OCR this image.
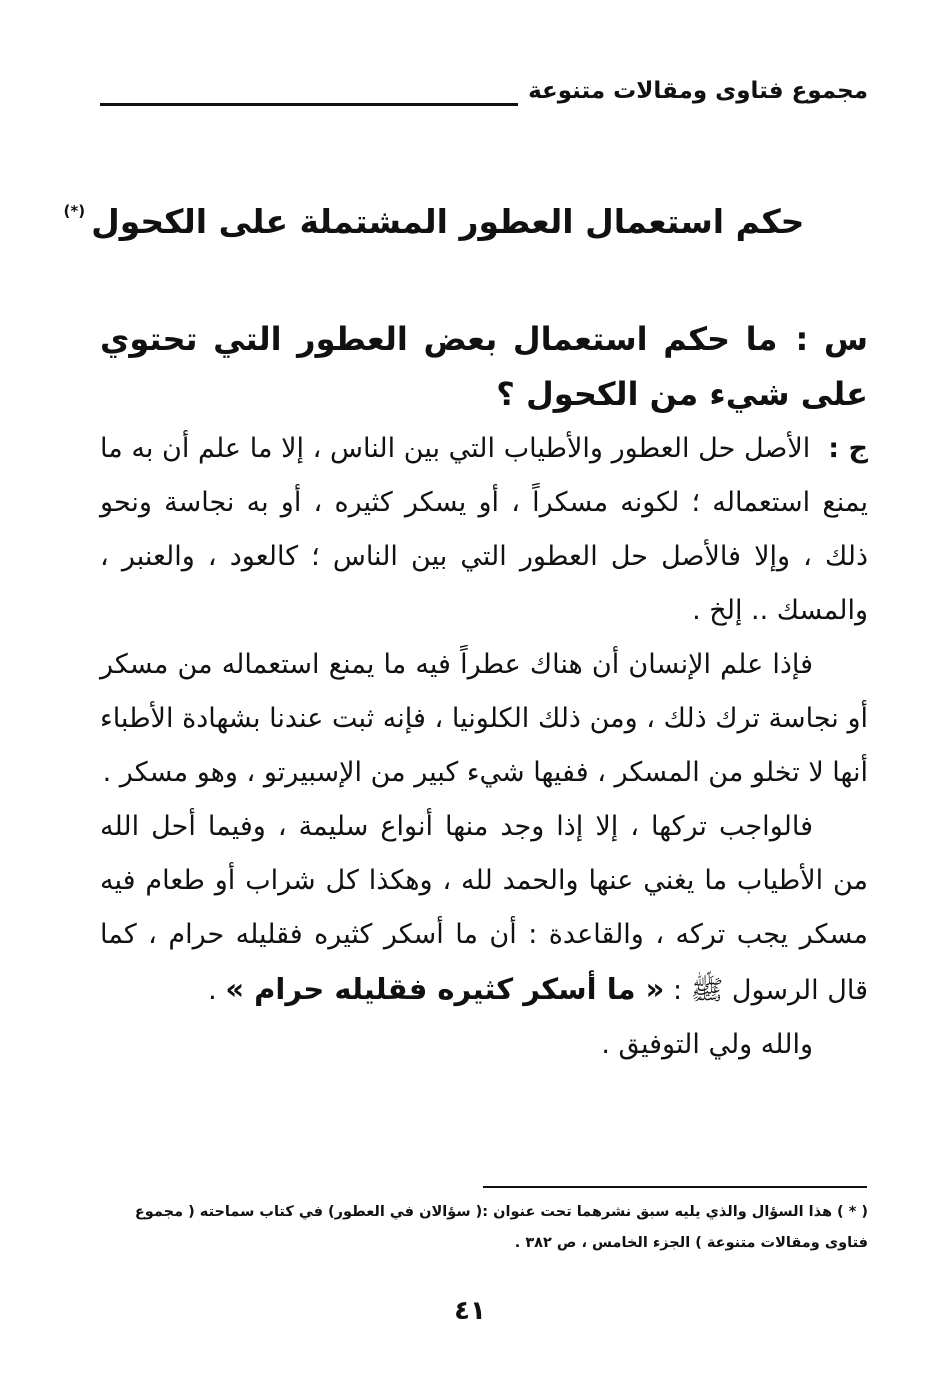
مجموع فتاوى ومقالات متنوعة
حكم استعمال العطور المشتملة على الكحول(*)

س :ما حكم استعمال بعض العطور التي تحتوي على شيء من الكحول ؟

ج :الأصل حل العطور والأطياب التي بين الناس ، إلا ما علم أن به ما يمنع استعماله ؛ لكونه مسكراً ، أو يسكر كثيره ، أو به نجاسة ونحو ذلك ، وإلا فالأصل حل العطور التي بين الناس ؛ كالعود ، والعنبر ، والمسك .. إلخ .

فإذا علم الإنسان أن هناك عطراً فيه ما يمنع استعماله من مسكر أو نجاسة ترك ذلك ، ومن ذلك الكلونيا ، فإنه ثبت عندنا بشهادة الأطباء أنها لا تخلو من المسكر ، ففيها شيء كبير من الإسبيرتو ، وهو مسكر .

فالواجب تركها ، إلا إذا وجد منها أنواع سليمة ، وفيما أحل الله من الأطياب ما يغني عنها والحمد لله ، وهكذا كل شراب أو طعام فيه مسكر يجب تركه ، والقاعدة : أن ما أسكر كثيره فقليله حرام ، كما قال الرسول ﷺ : « ما أسكر كثيره فقليله حرام » .

والله ولي التوفيق .

( * ) هذا السؤال والذي يليه سبق نشرهما تحت عنوان :( سؤالان في العطور) في كتاب سماحته ( مجموع فتاوى ومقالات متنوعة ) الجزء الخامس ، ص ٣٨٢ .

٤١
